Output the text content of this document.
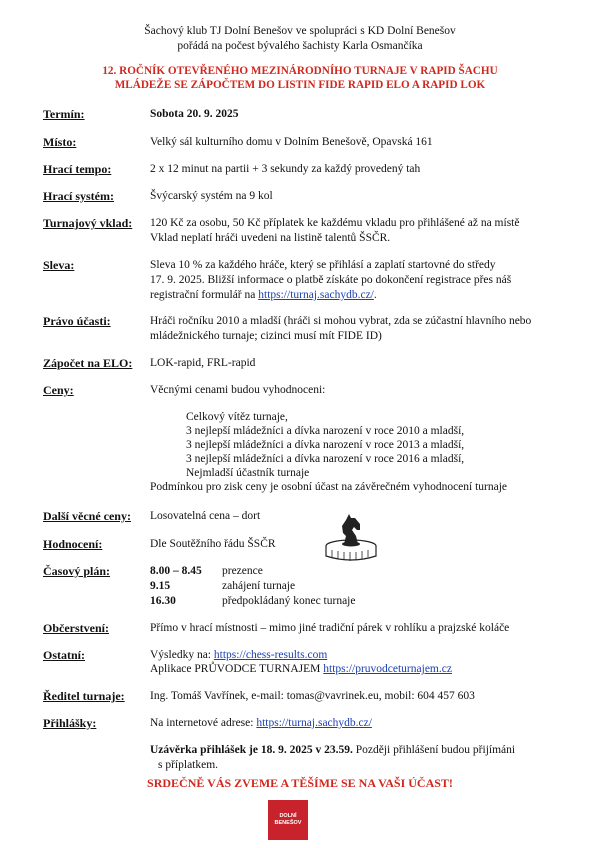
Šachový klub TJ Dolní Benešov ve spolupráci s KD Dolní Benešov
pořádá na počest bývalého šachisty Karla Osmančíka
12. ROČNÍK OTEVŘENÉHO MEZINÁRODNÍHO TURNAJE V RAPID ŠACHU
MLÁDEŽE SE ZÁPOČTEM DO LISTIN FIDE RAPID ELO A RAPID LOK
Termín:	Sobota 20. 9. 2025
Místo:	Velký sál kulturního domu v Dolním Benešově, Opavská 161
Hrací tempo:	2 x 12 minut na partii + 3 sekundy za každý provedený tah
Hrací systém:	Švýcarský systém na 9 kol
Turnajový vklad: 120 Kč za osobu, 50 Kč příplatek ke každému vkladu pro přihlášené až na místě
Vklad neplatí hráči uvedeni na listině talentů ŠSČR.
Sleva:	Sleva 10 % za každého hráče, který se přihlásí a zaplatí startovné do středy
17. 9. 2025. Bližší informace o platbě získáte po dokončení registrace přes náš
registrační formulář na https://turnaj.sachydb.cz/.
Právo účasti:	Hráči ročníku 2010 a mladší (hráči si mohou vybrat, zda se zúčastní hlavního nebo
mládežnického turnaje; cizinci musí mít FIDE ID)
Zápočet na ELO: LOK-rapid, FRL-rapid
Ceny:	Věcnými cenami budou vyhodnoceni:
Celkový vítěz turnaje,
3 nejlepší mládežníci a dívka narození v roce 2010 a mladší,
3 nejlepší mládežníci a dívka narození v roce 2013 a mladší,
3 nejlepší mládežníci a dívka narození v roce 2016 a mladší,
Nejmladší účastník turnaje
Podmínkou pro zisk ceny je osobní účast na závěrečném vyhodnocení turnaje
Další věcné ceny: Losovatelná cena – dort
Hodnocení:	Dle Soutěžního řádu ŠSČR
Časový plán:	8.00 – 8.45 prezence
9.15	zahájení turnaje
16.30	předpokládaný konec turnaje
Občerstvení:	Přímo v hrací místnosti – mimo jiné tradiční párek v rohlíku a prajzské koláče
Ostatní:	Výsledky na: https://chess-results.com
Aplikace PRŮVODCE TURNAJEM https://pruvodceturnajem.cz
Ředitel turnaje: Ing. Tomáš Vavřínek, e-mail: tomas@vavrinek.eu, mobil: 604 457 603
Přihlášky:	Na internetové adrese: https://turnaj.sachydb.cz/
Uzávěrka přihlášek je 18. 9. 2025 v 23.59. Později přihlášení budou přijímáni
s příplatkem.
SRDEČNĚ VÁS ZVEME A TĚŠÍME SE NA VAŠI ÚČAST!
DOLNÍ
BENEŠOV
